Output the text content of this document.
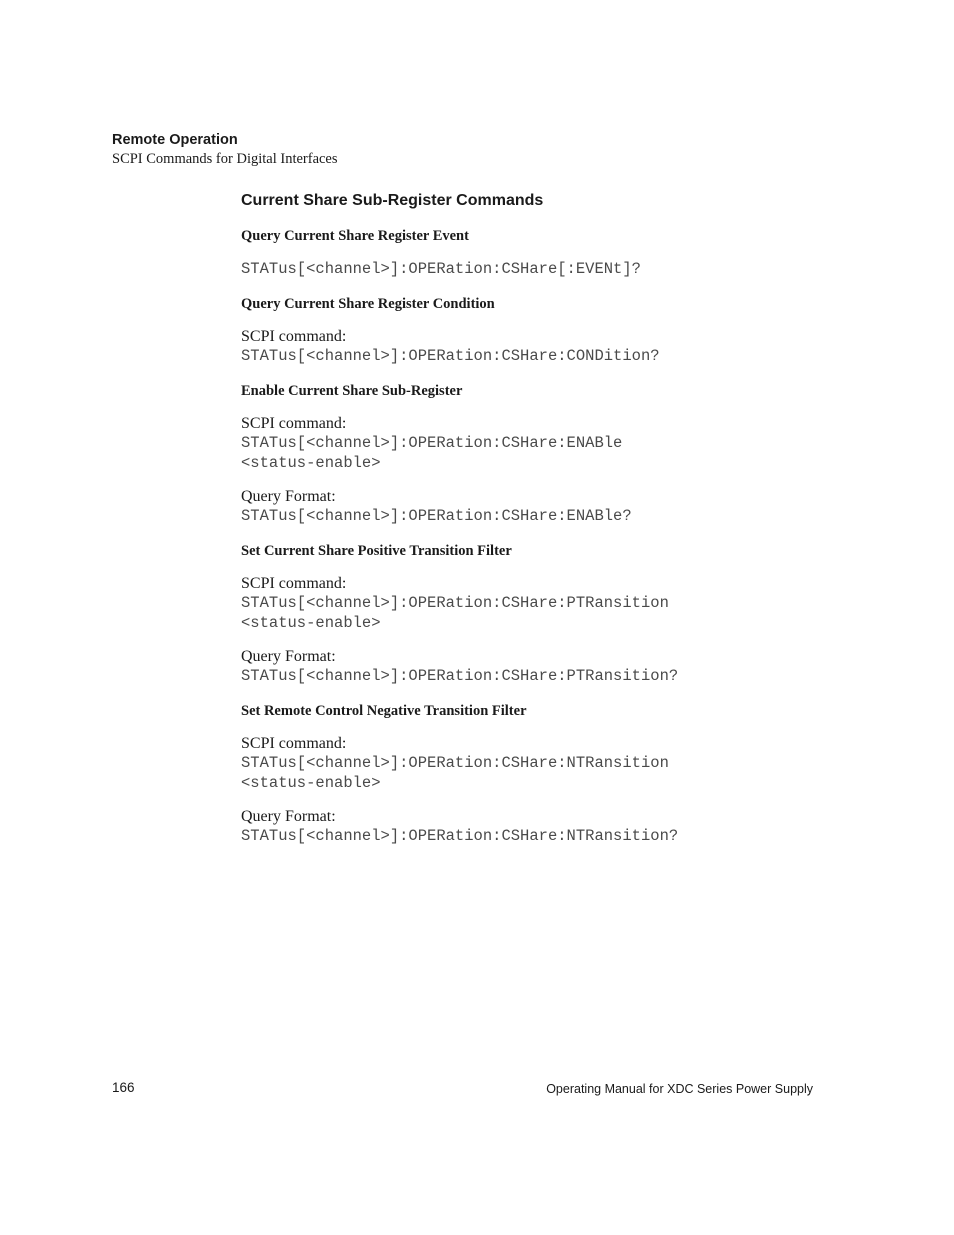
Remote Operation
SCPI Commands for Digital Interfaces
Current Share Sub-Register Commands
Query Current Share Register Event
STATus[<channel>]:OPERation:CSHare[:EVENt]?
Query Current Share Register Condition
SCPI command:
STATus[<channel>]:OPERation:CSHare:CONDition?
Enable Current Share Sub-Register
SCPI command:
STATus[<channel>]:OPERation:CSHare:ENABle
<status-enable>
Query Format:
STATus[<channel>]:OPERation:CSHare:ENABle?
Set Current Share Positive Transition Filter
SCPI command:
STATus[<channel>]:OPERation:CSHare:PTRansition
<status-enable>
Query Format:
STATus[<channel>]:OPERation:CSHare:PTRansition?
Set Remote Control Negative Transition Filter
SCPI command:
STATus[<channel>]:OPERation:CSHare:NTRansition
<status-enable>
Query Format:
STATus[<channel>]:OPERation:CSHare:NTRansition?
166	Operating Manual for XDC Series Power Supply
